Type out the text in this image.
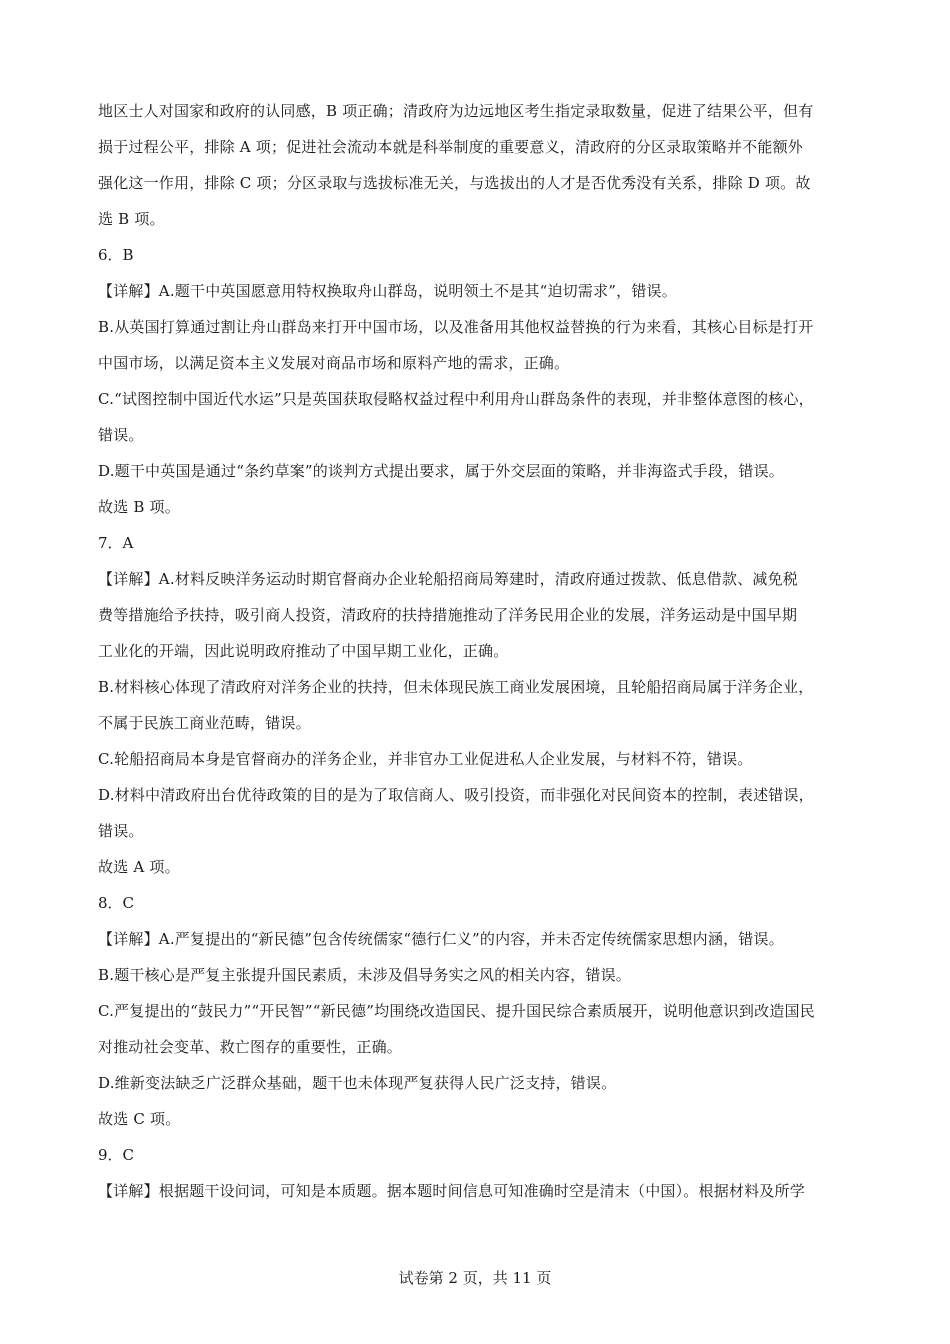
地区士人对国家和政府的认同感，B 项正确；清政府为边远地区考生指定录取数量，促进了结果公平，但有
损于过程公平，排除 A 项；促进社会流动本就是科举制度的重要意义，清政府的分区录取策略并不能额外
强化这一作用，排除 C 项；分区录取与选拔标准无关，与选拔出的人才是否优秀没有关系，排除 D 项。故
选 B 项。
6．B
【详解】A.题干中英国愿意用特权换取舟山群岛，说明领土不是其“迫切需求”，错误。
B.从英国打算通过割让舟山群岛来打开中国市场，以及准备用其他权益替换的行为来看，其核心目标是打开
中国市场，以满足资本主义发展对商品市场和原料产地的需求，正确。
C.“试图控制中国近代水运”只是英国获取侵略权益过程中利用舟山群岛条件的表现，并非整体意图的核心，
错误。
D.题干中英国是通过“条约草案”的谈判方式提出要求，属于外交层面的策略，并非海盗式手段，错误。
故选 B 项。
7．A
【详解】A.材料反映洋务运动时期官督商办企业轮船招商局筹建时，清政府通过拨款、低息借款、减免税
费等措施给予扶持，吸引商人投资，清政府的扶持措施推动了洋务民用企业的发展，洋务运动是中国早期
工业化的开端，因此说明政府推动了中国早期工业化，正确。
B.材料核心体现了清政府对洋务企业的扶持，但未体现民族工商业发展困境，且轮船招商局属于洋务企业，
不属于民族工商业范畴，错误。
C.轮船招商局本身是官督商办的洋务企业，并非官办工业促进私人企业发展，与材料不符，错误。
D.材料中清政府出台优待政策的目的是为了取信商人、吸引投资，而非强化对民间资本的控制，表述错误，
错误。
故选 A 项。
8．C
【详解】A.严复提出的“新民德”包含传统儒家“德行仁义”的内容，并未否定传统儒家思想内涵，错误。
B.题干核心是严复主张提升国民素质，未涉及倡导务实之风的相关内容，错误。
C.严复提出的“鼓民力”“开民智”“新民德”均围绕改造国民、提升国民综合素质展开，说明他意识到改造国民
对推动社会变革、救亡图存的重要性，正确。
D.维新变法缺乏广泛群众基础，题干也未体现严复获得人民广泛支持，错误。
故选 C 项。
9．C
【详解】根据题干设问词，可知是本质题。据本题时间信息可知准确时空是清末（中国）。根据材料及所学
试卷第 2 页，共 11 页
